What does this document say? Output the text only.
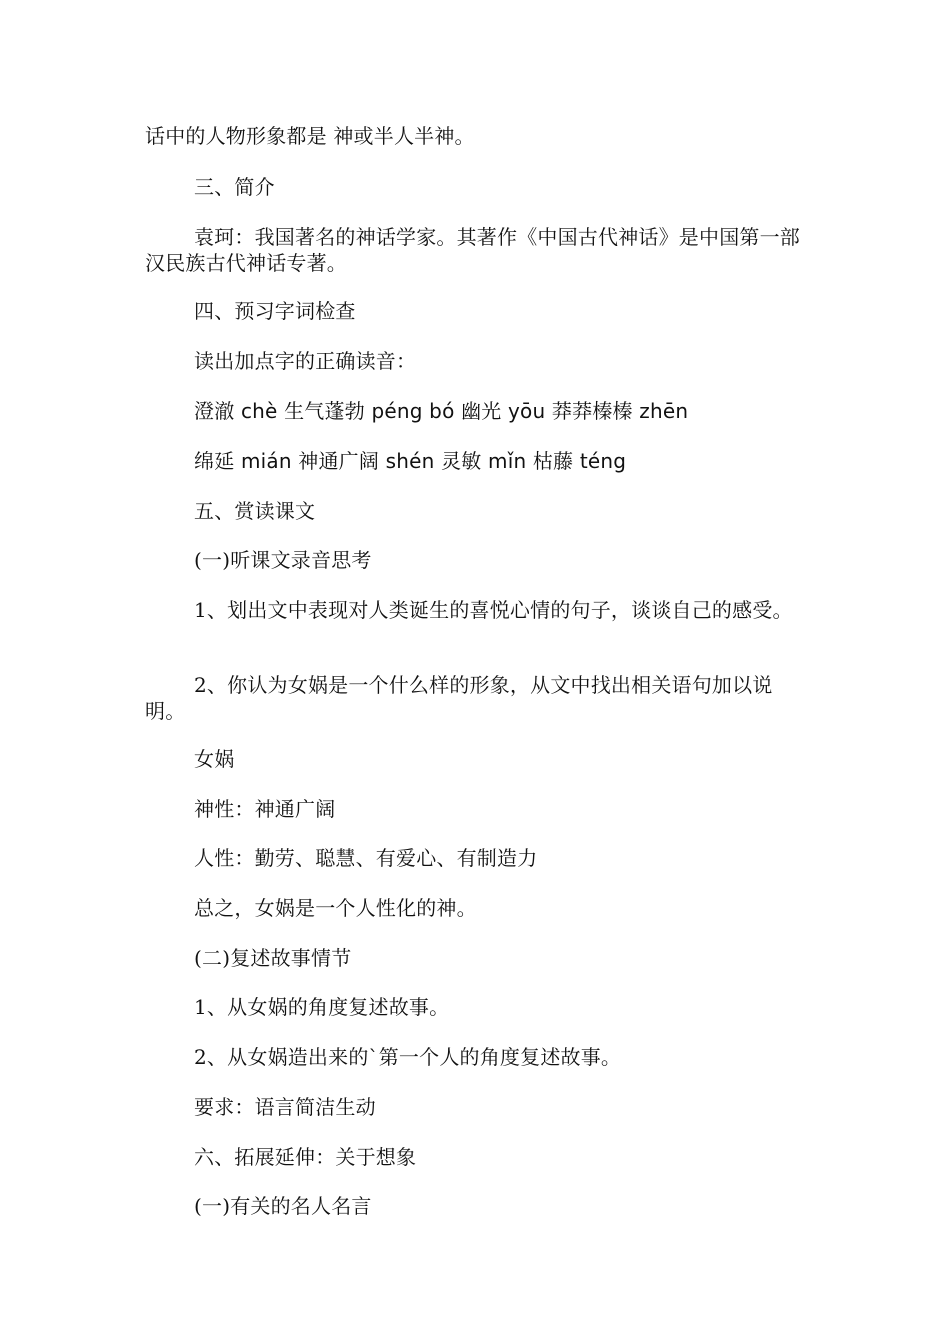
话中的人物形象都是 神或半人半神。
三、简介
袁珂：我国著名的神话学家。其著作《中国古代神话》是中国第一部汉民族古代神话专著。
四、预习字词检查
读出加点字的正确读音：
澄澈 chè 生气蓬勃 péng bó 幽光 yōu 莽莽榛榛 zhēn
绵延 mián 神通广阔 shén 灵敏 mǐn 枯藤 téng
五、赏读课文
(一)听课文录音思考
1、划出文中表现对人类诞生的喜悦心情的句子，谈谈自己的感受。
2、你认为女娲是一个什么样的形象，从文中找出相关语句加以说明。
女娲
神性：神通广阔
人性：勤劳、聪慧、有爱心、有制造力
总之，女娲是一个人性化的神。
(二)复述故事情节
1、从女娲的角度复述故事。
2、从女娲造出来的`第一个人的角度复述故事。
要求：语言简洁生动
六、拓展延伸：关于想象
(一)有关的名人名言
